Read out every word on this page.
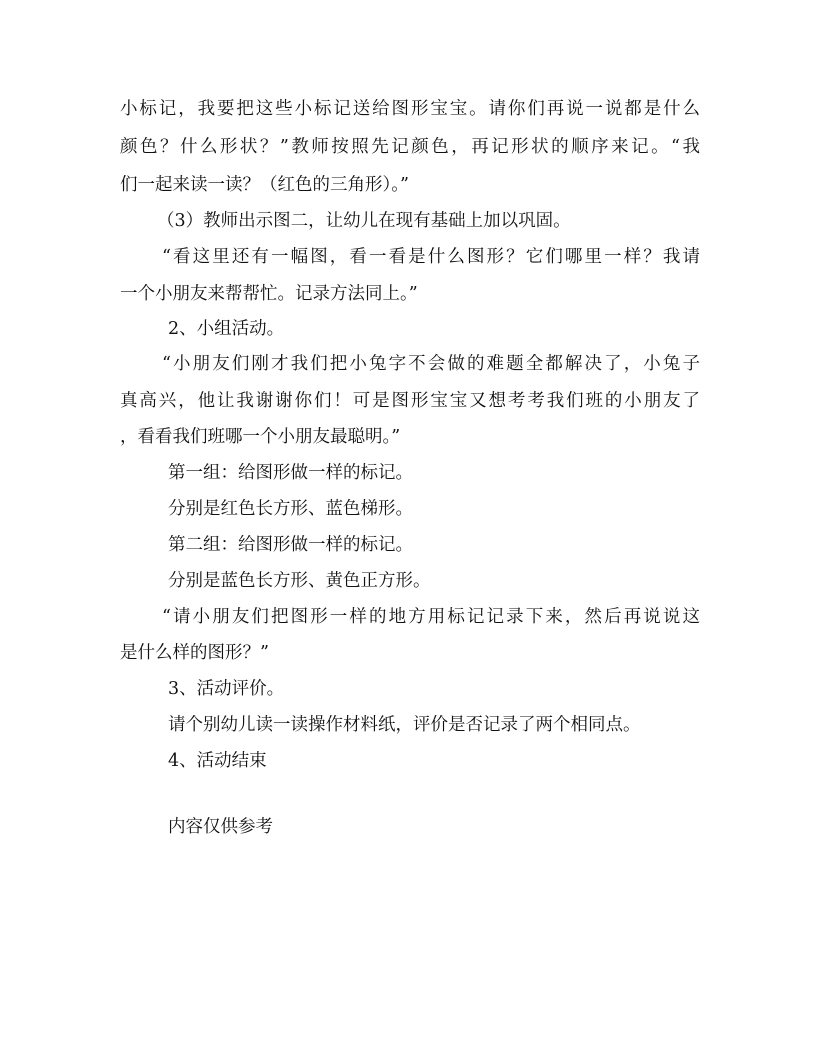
小标记，我要把这些小标记送给图形宝宝。请你们再说一说都是什么
颜色？什么形状？”教师按照先记颜色，再记形状的顺序来记。“我
们一起来读一读？（红色的三角形）。”
（3）教师出示图二，让幼儿在现有基础上加以巩固。
“看这里还有一幅图，看一看是什么图形？它们哪里一样？我请
一个小朋友来帮帮忙。记录方法同上。”
2、小组活动。
“小朋友们刚才我们把小兔字不会做的难题全都解决了，小兔子
真高兴，他让我谢谢你们！可是图形宝宝又想考考我们班的小朋友了
，看看我们班哪一个小朋友最聪明。”
第一组：给图形做一样的标记。
分别是红色长方形、蓝色梯形。
第二组：给图形做一样的标记。
分别是蓝色长方形、黄色正方形。
“请小朋友们把图形一样的地方用标记记录下来，然后再说说这
是什么样的图形？”
3、活动评价。
请个别幼儿读一读操作材料纸，评价是否记录了两个相同点。
4、活动结束
内容仅供参考
